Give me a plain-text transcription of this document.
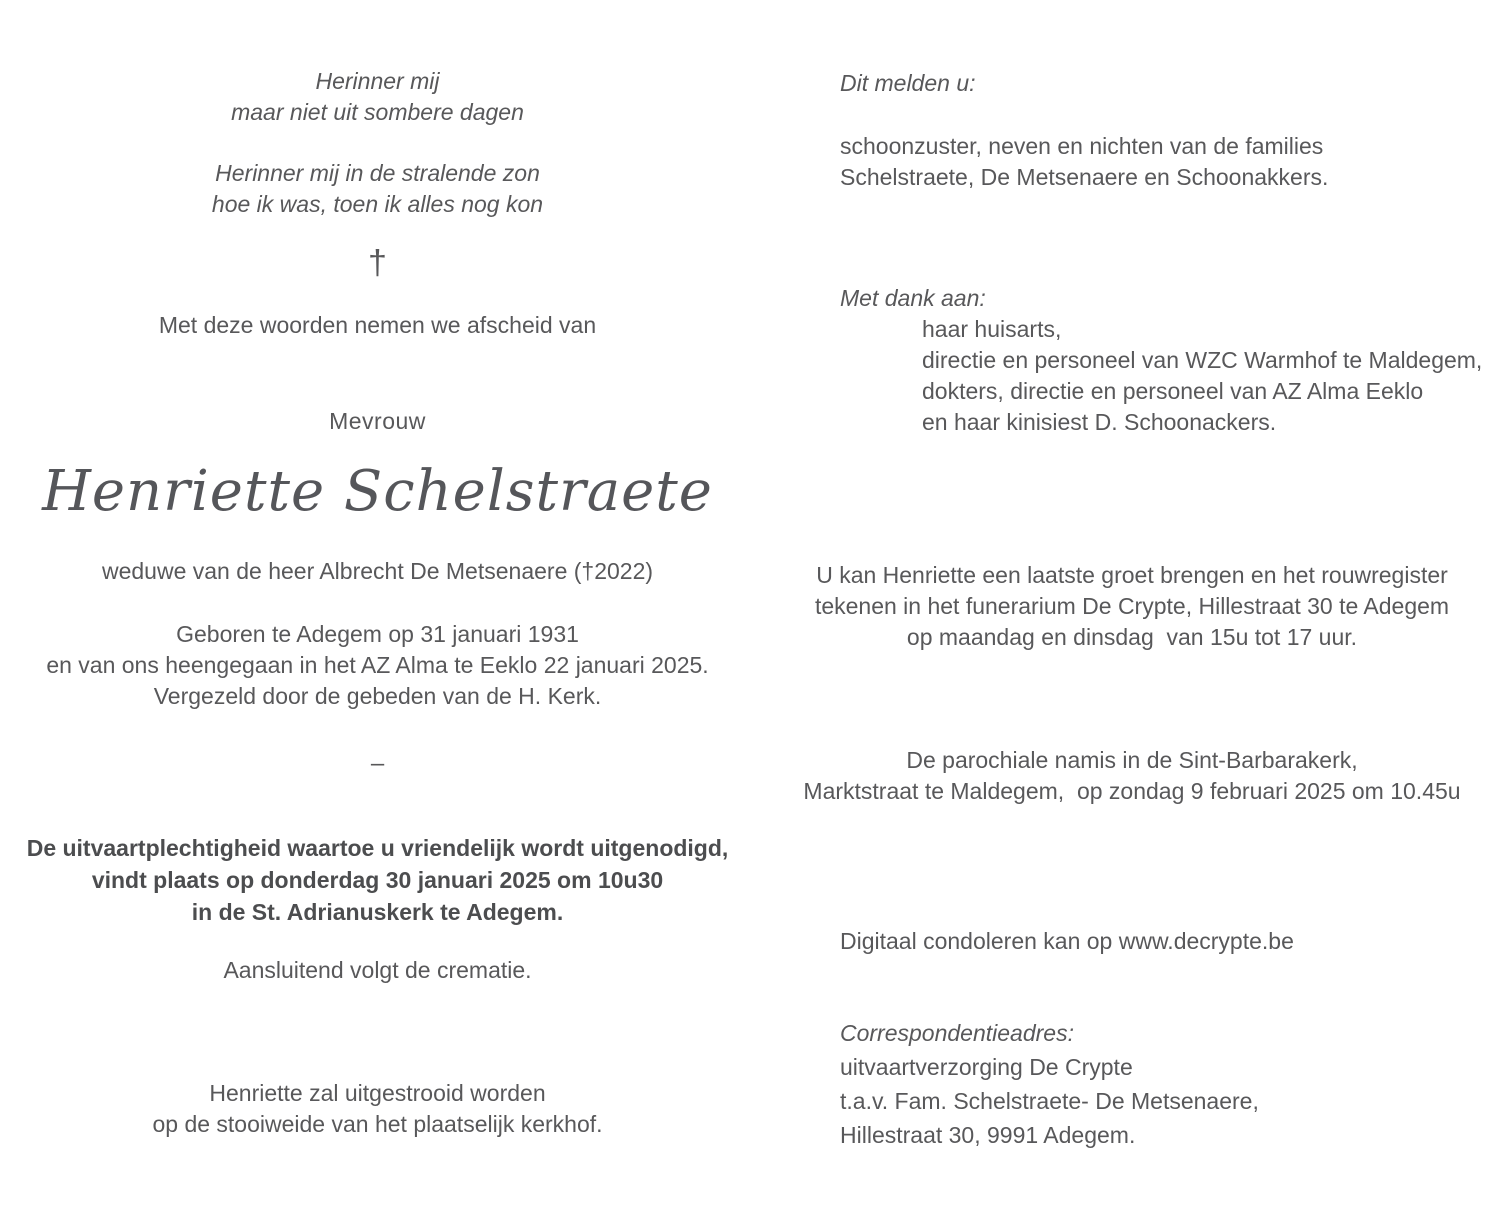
Herinner mij
maar niet uit sombere dagen
Herinner mij in de stralende zon
hoe ik was, toen ik alles nog kon
†
Met deze woorden nemen we afscheid van
Mevrouw
Henriette Schelstraete
weduwe van de heer Albrecht De Metsenaere (†2022)
Geboren te Adegem op 31 januari 1931
en van ons heengegaan in het AZ Alma te Eeklo 22 januari 2025.
Vergezeld door de gebeden van de H. Kerk.
–
De uitvaartplechtigheid waartoe u vriendelijk wordt uitgenodigd,
vindt plaats op donderdag 30 januari 2025 om 10u30
in de St. Adrianuskerk te Adegem.
Aansluitend volgt de crematie.
Henriette zal uitgestrooid worden
op de stooiweide van het plaatselijk kerkhof.
Dit melden u:
schoonzuster, neven en nichten van de families
Schelstraete, De Metsenaere en Schoonakkers.
Met dank aan:
haar huisarts,
directie en personeel van WZC Warmhof te Maldegem,
dokters, directie en personeel van AZ Alma Eeklo
en haar kinisiest D. Schoonackers.
U kan Henriette een laatste groet brengen en het rouwregister
tekenen in het funerarium De Crypte, Hillestraat 30 te Adegem
op maandag en dinsdag  van 15u tot 17 uur.
De parochiale namis in de Sint-Barbarakerk,
Marktstraat te Maldegem,  op zondag 9 februari 2025 om 10.45u
Digitaal condoleren kan op www.decrypte.be
Correspondentieadres:
uitvaartverzorging De Crypte
t.a.v. Fam. Schelstraete- De Metsenaere,
Hillestraat 30, 9991 Adegem.
